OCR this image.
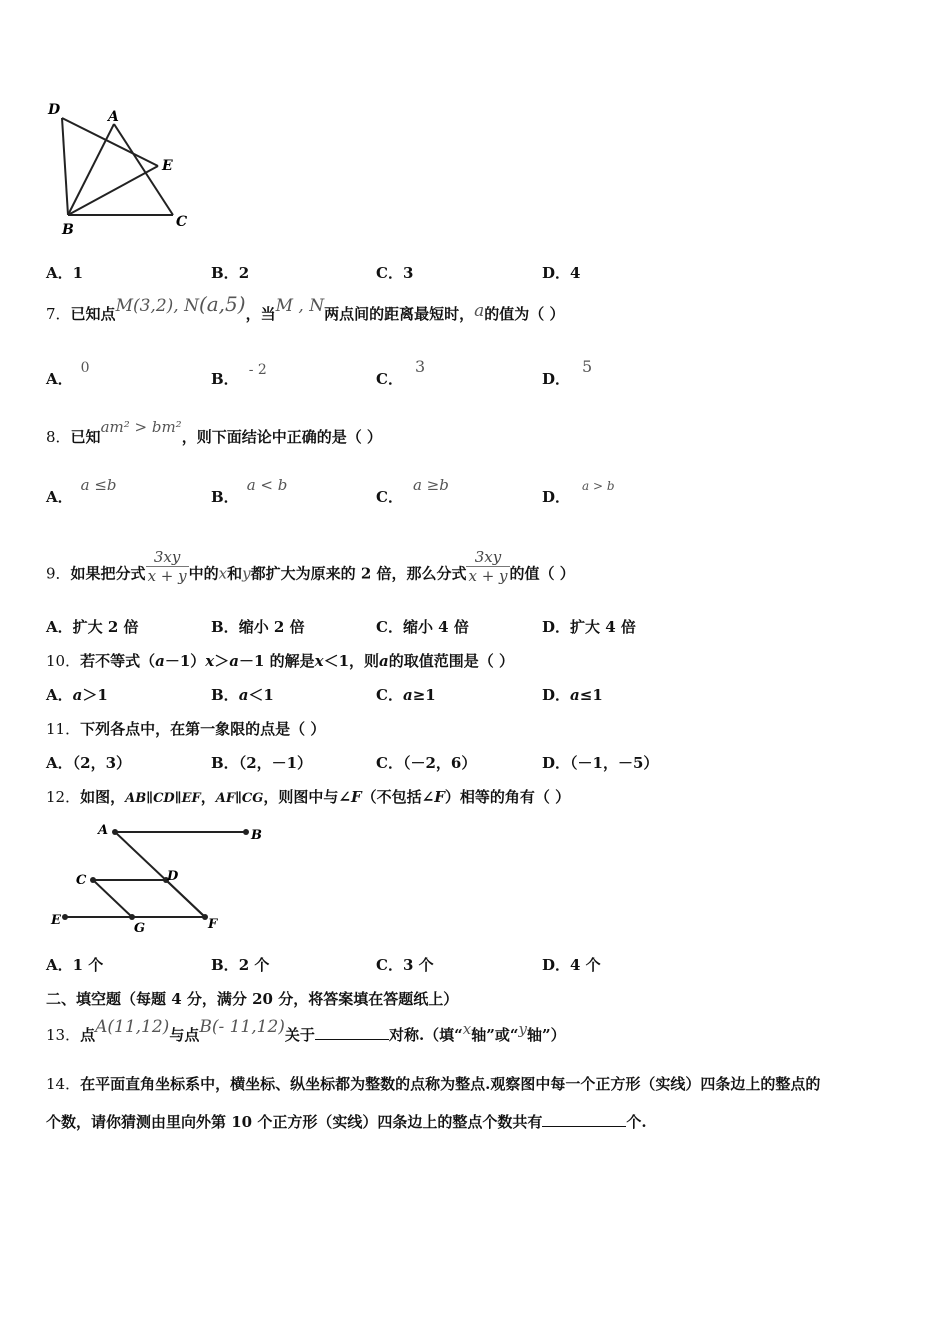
D	A
E
B	C
A．1	B．2	C．3	D．4
7．已知点M(3,2), N(a,5)，当M , N两点间的距离最短时，a的值为（ ）
A．0
B． - 2	C．3
D．5
8．已知am² > bm²，则下面结论中正确的是（ ）
A．a ≤b
B．a < b
C．a ≥b
D．$^{a > b}$
9．如果把分式 $\frac{3xy}{x + y}$ 中的x和y都扩大为原来的 2 倍，那么分式 $\frac{3xy}{x + y}$ 的值（ ）
A．扩大 2 倍	B．缩小 2 倍	C．缩小 4 倍	D．扩大 4 倍
10．若不等式（a－1）x＞a－1 的解是x＜1，则a的取值范围是（ ）
A．a＞1	B．a＜1	C．a≥1	D．a≤1
11．下列各点中，在第一象限的点是（ ）
A．（2，3）	B．（2，－1）	C．（－2，6）	D．（－1，－5）
12．如图，AB∥CD∥EF，AF∥CG，则图中与∠F（不包括∠F）相等的角有（ ）
A	B
C	D
E
G	F
A．1 个	B．2 个	C．3 个	D．4 个
二、填空题（每题 4 分，满分 20 分，将答案填在答题纸上）
13．点A(11,12)与点B(- 11,12)关于	对称.（填“x轴”或“y轴”）
14．在平面直角坐标系中，横坐标、纵坐标都为整数的点称为整点.观察图中每一个正方形（实线）四条边上的整点的
个数，请你猜测由里向外第 10 个正方形（实线）四条边上的整点个数共有	个.
